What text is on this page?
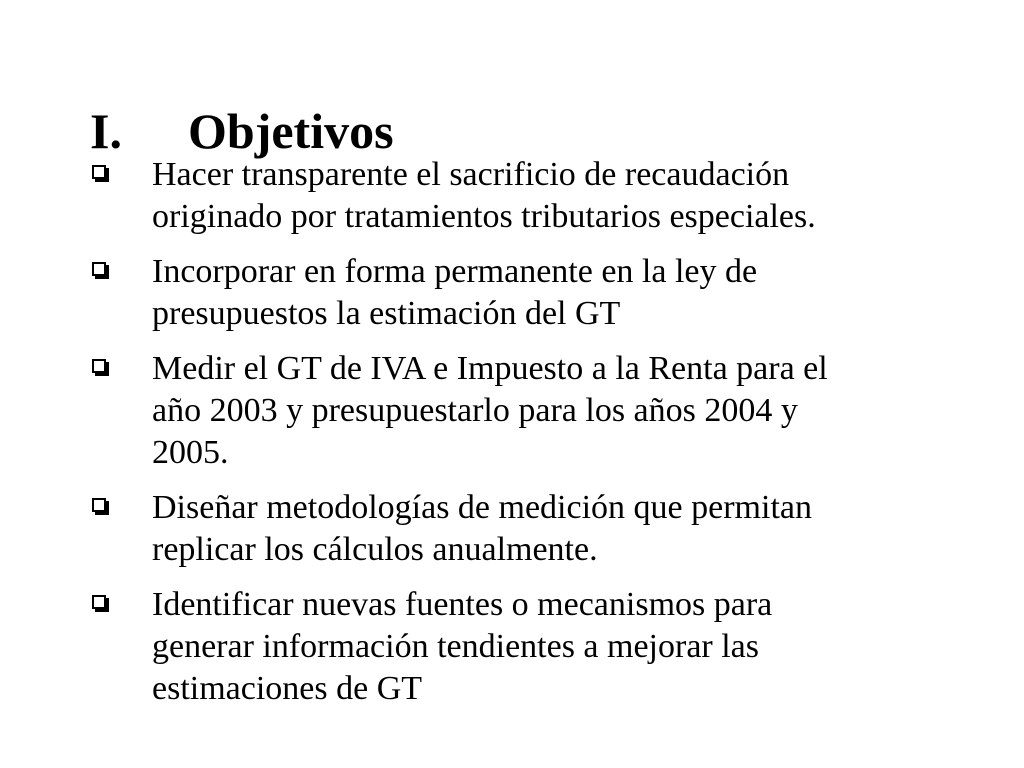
I.	Objetivos
Hacer transparente el sacrificio de recaudación
originado por tratamientos tributarios especiales.
Incorporar en forma permanente en la ley de
presupuestos la estimación del GT
Medir el GT de IVA e Impuesto a la Renta para el
año 2003 y presupuestarlo para los años 2004 y
2005.
Diseñar metodologías de medición que permitan
replicar los cálculos anualmente.
Identificar nuevas fuentes o mecanismos para
generar información tendientes a mejorar las
estimaciones de GT
